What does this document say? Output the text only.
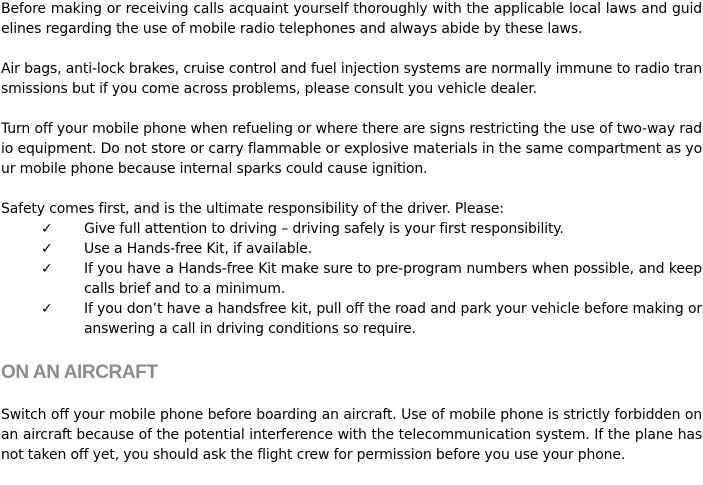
Before making or receiving calls acquaint yourself thoroughly with the applicable local laws and guidelines regarding the use of mobile radio telephones and always abide by these laws.

Air bags, anti-lock brakes, cruise control and fuel injection systems are normally immune to radio transmissions but if you come across problems, please consult you vehicle dealer.

Turn off your mobile phone when refueling or where there are signs restricting the use of two-way radio equipment. Do not store or carry flammable or explosive materials in the same compartment as your mobile phone because internal sparks could cause ignition.

Safety comes first, and is the ultimate responsibility of the driver. Please:

✓ Give full attention to driving – driving safely is your first responsibility.
✓ Use a Hands-free Kit, if available.
✓ If you have a Hands-free Kit make sure to pre-program numbers when possible, and keep calls brief and to a minimum.
✓ If you don’t have a handsfree kit, pull off the road and park your vehicle before making or answering a call in driving conditions so require.
ON AN AIRCRAFT

Switch off your mobile phone before boarding an aircraft. Use of mobile phone is strictly forbidden on an aircraft because of the potential interference with the telecommunication system. If the plane has not taken off yet, you should ask the flight crew for permission before you use your phone.
